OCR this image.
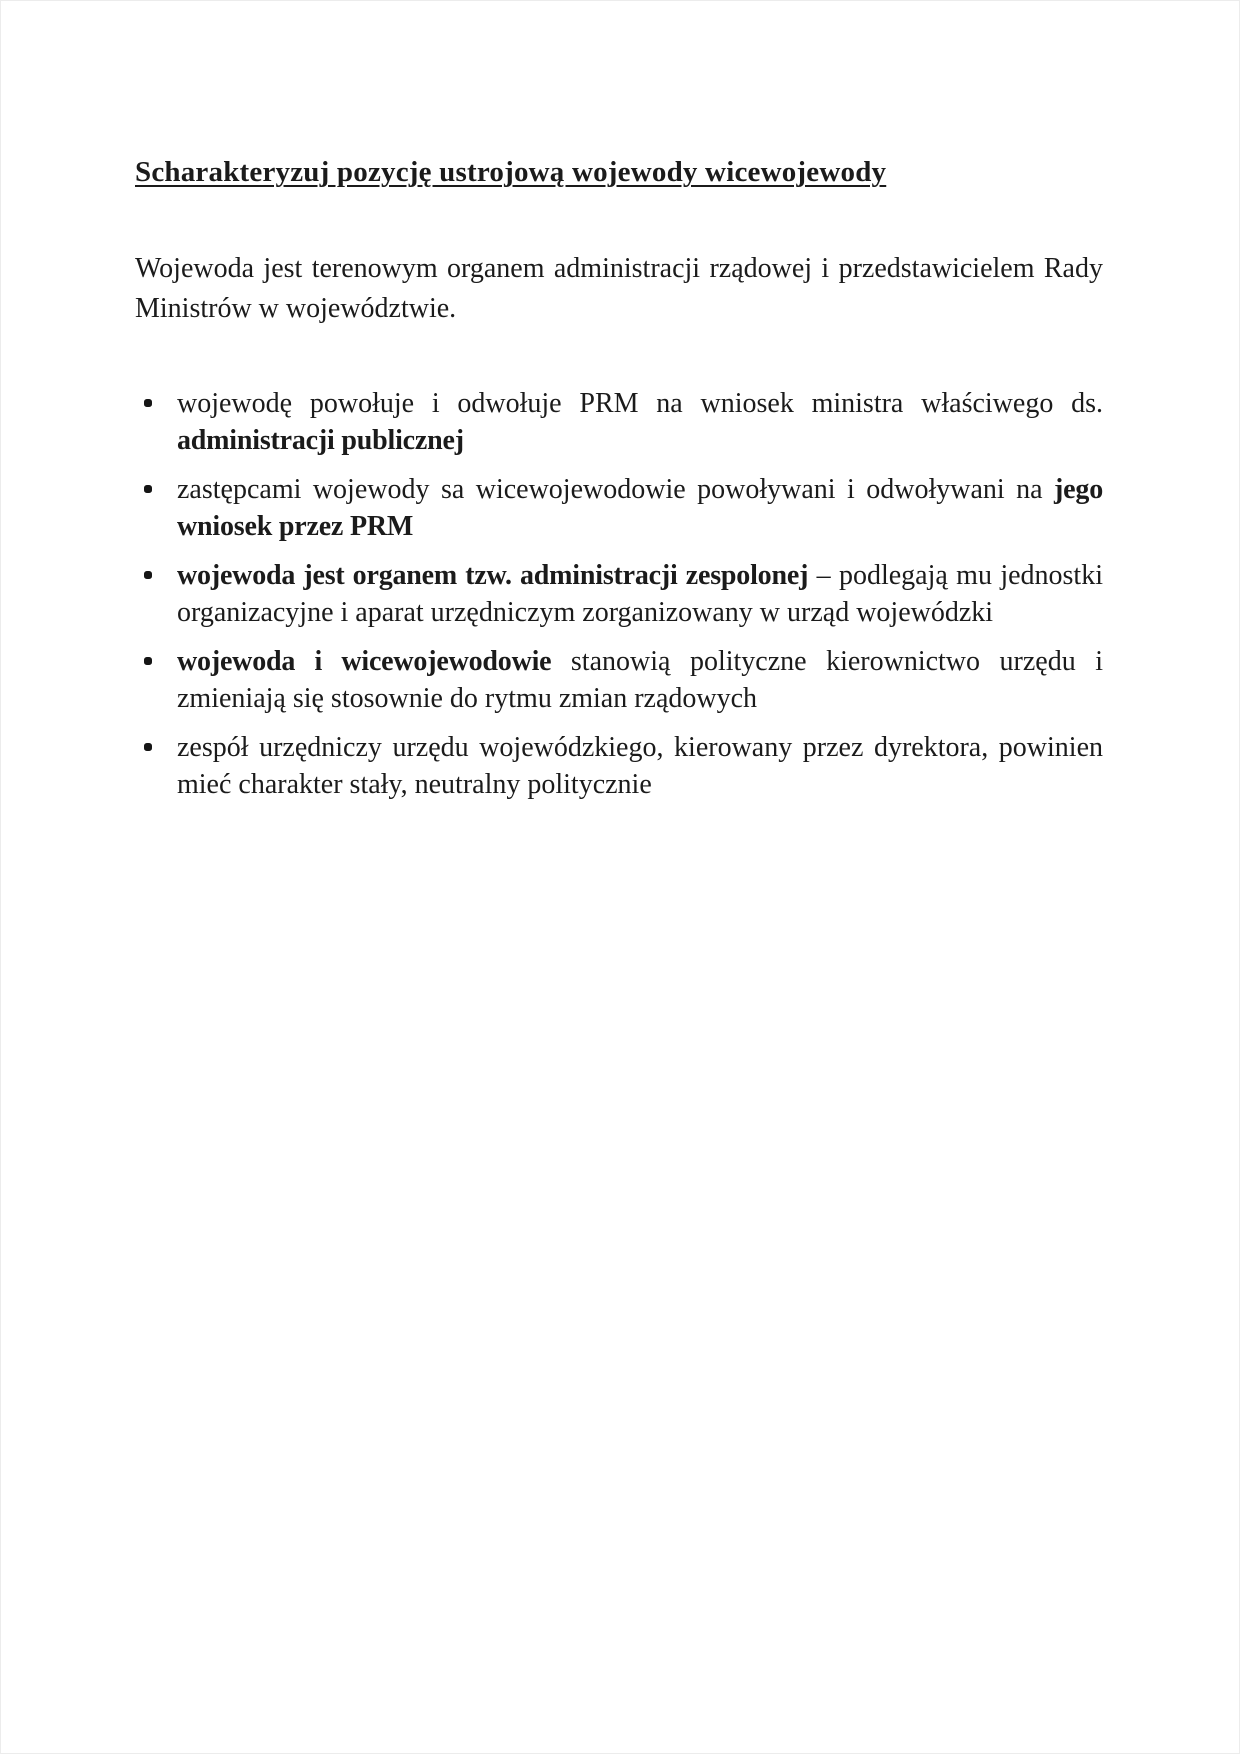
Scharakteryzuj pozycję ustrojową wojewody wicewojewody

Wojewoda jest terenowym organem administracji rządowej i przedstawicielem Rady Ministrów w województwie.

wojewodę powołuje i odwołuje PRM na wniosek ministra właściwego ds. administracji publicznej
zastępcami wojewody sa wicewojewodowie powoływani i odwoływani na jego wniosek przez PRM
wojewoda jest organem tzw. administracji zespolonej – podlegają mu jednostki organizacyjne i aparat urzędniczym zorganizowany w urząd wojewódzki
wojewoda i wicewojewodowie stanowią polityczne kierownictwo urzędu i zmieniają się stosownie do rytmu zmian rządowych
zespół urzędniczy urzędu wojewódzkiego, kierowany przez dyrektora, powinien mieć charakter stały, neutralny politycznie
